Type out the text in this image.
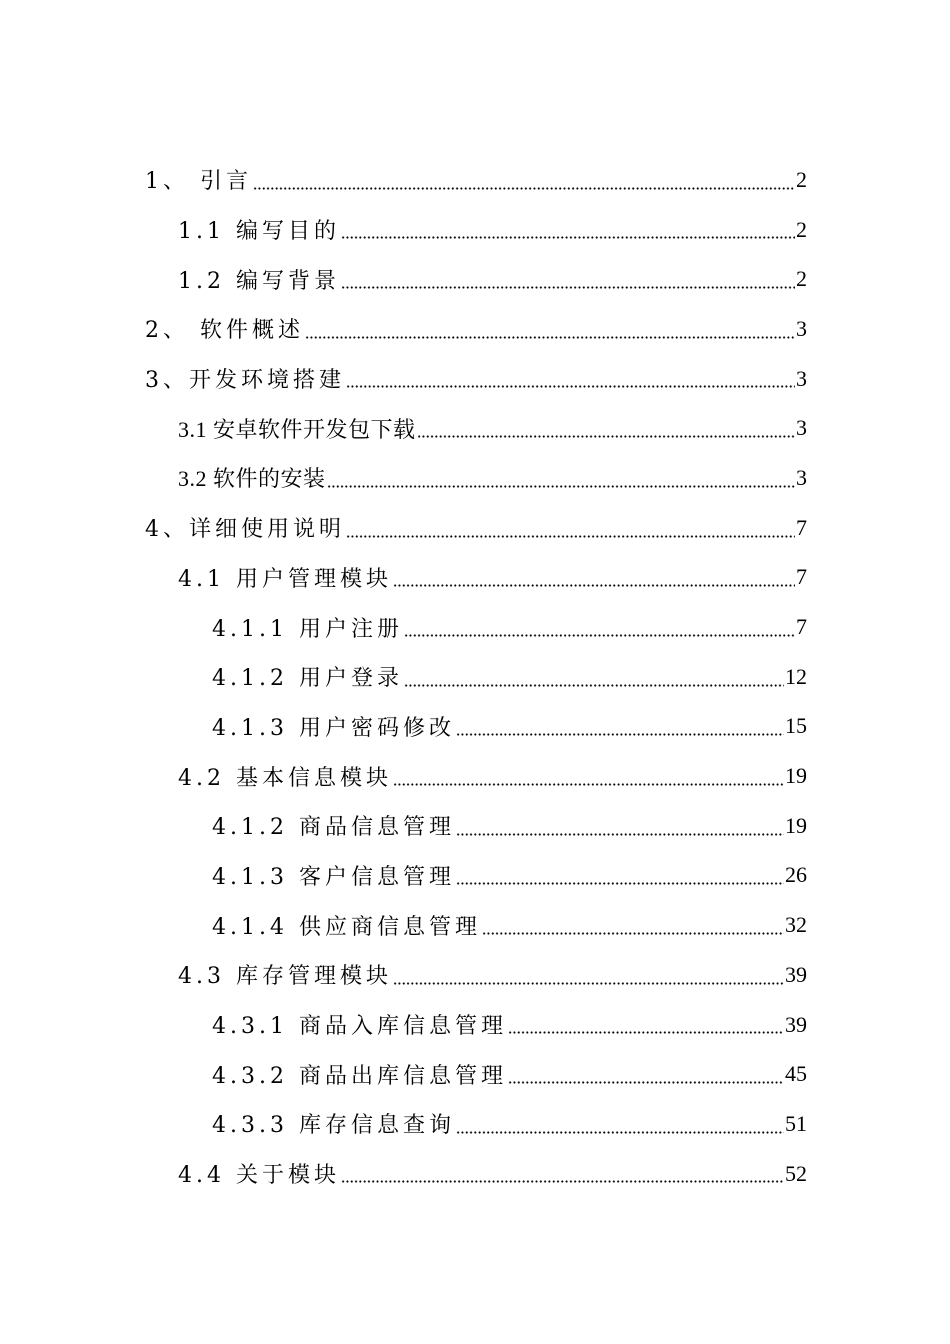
1、 引言	2
1.1 编写目的	2
1.2 编写背景	2
2、 软件概述	3
3、开发环境搭建	3
3.1 安卓软件开发包下载	3
3.2 软件的安装	3
4、详细使用说明	7
4.1 用户管理模块	7
4.1.1 用户注册	7
4.1.2 用户登录	12
4.1.3 用户密码修改	15
4.2 基本信息模块	19
4.1.2 商品信息管理	19
4.1.3 客户信息管理	26
4.1.4 供应商信息管理	32
4.3 库存管理模块	39
4.3.1 商品入库信息管理	39
4.3.2 商品出库信息管理	45
4.3.3 库存信息查询	51
4.4 关于模块	52
